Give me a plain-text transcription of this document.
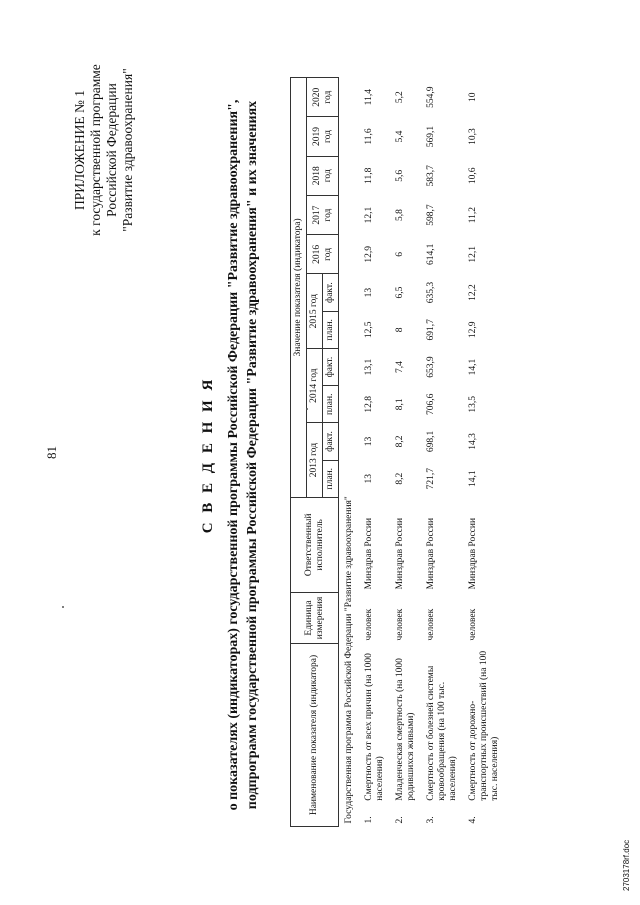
81
ПРИЛОЖЕНИЕ № 1 к государственной программе Российской Федерации "Развитие здравоохранения"
С В Е Д Е Н И Я о показателях (индикаторах) государственной программы Российской Федерации "Развитие здравоохранения", подпрограмм государственной программы Российской Федерации "Развитие здравоохранения" и их значениях	Наименование показателя (индикатора)		Единица измерения	Ответственный исполнитель	Значение показателя (индикатора)										
				2013 год		2014 год		2015 год		2016 год	2017 год	2018 год	2019 год	2020 год
				план.	факт.	план.	факт.	план.	факт.					
Государственная программа Российской Федерации "Развитие здравоохранения"														
1.	Смертность от всех причин (на 1000 населения)	человек	Минздрав России	13	13	12,8	13,1	12,5	13	12,9	12,1	11,8	11,6	11,4
2.	Младенческая смертность (на 1000 родившихся живыми)	человек	Минздрав России	8,2	8,2	8,1	7,4	8	6,5	6	5,8	5,6	5,4	5,2
3.	Смертность от болезней системы кровообращения (на 100 тыс. населения)	человек	Минздрав России	721,7	698,1	706,6	653,9	691,7	635,3	614,1	598,7	583,7	569,1	554,9
4.	Смертность от дорожно-транспортных происшествий (на 100 тыс. населения)	человек	Минздрав России	14,1	14,3	13,5	14,1	12,9	12,2	12,1	11,2	10,6	10,3	10
2703178rf.doc
